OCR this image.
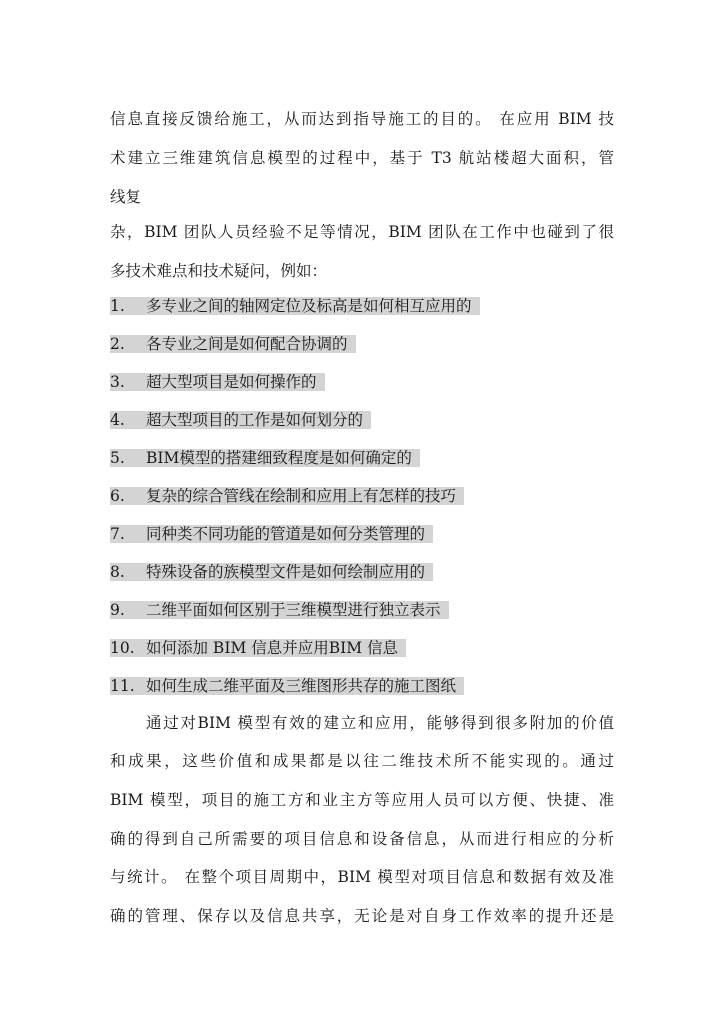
信息直接反馈给施工，从而达到指导施工的目的。 在应用 BIM 技
术建立三维建筑信息模型的过程中，基于 T3 航站楼超大面积，管
线复
杂，BIM 团队人员经验不足等情况，BIM 团队在工作中也碰到了很
多技术难点和技术疑问，例如：
1. 多专业之间的轴网定位及标高是如何相互应用的
2. 各专业之间是如何配合协调的
3. 超大型项目是如何操作的
4. 超大型项目的工作是如何划分的
5. BIM模型的搭建细致程度是如何确定的
6. 复杂的综合管线在绘制和应用上有怎样的技巧
7. 同种类不同功能的管道是如何分类管理的
8. 特殊设备的族模型文件是如何绘制应用的
9. 二维平面如何区别于三维模型进行独立表示
10. 如何添加 BIM 信息并应用BIM 信息
11. 如何生成二维平面及三维图形共存的施工图纸
通过对BIM 模型有效的建立和应用，能够得到很多附加的价值
和成果，这些价值和成果都是以往二维技术所不能实现的。通过
BIM 模型，项目的施工方和业主方等应用人员可以方便、快捷、准
确的得到自己所需要的项目信息和设备信息，从而进行相应的分析
与统计。 在整个项目周期中，BIM 模型对项目信息和数据有效及准
确的管理、保存以及信息共享，无论是对自身工作效率的提升还是
